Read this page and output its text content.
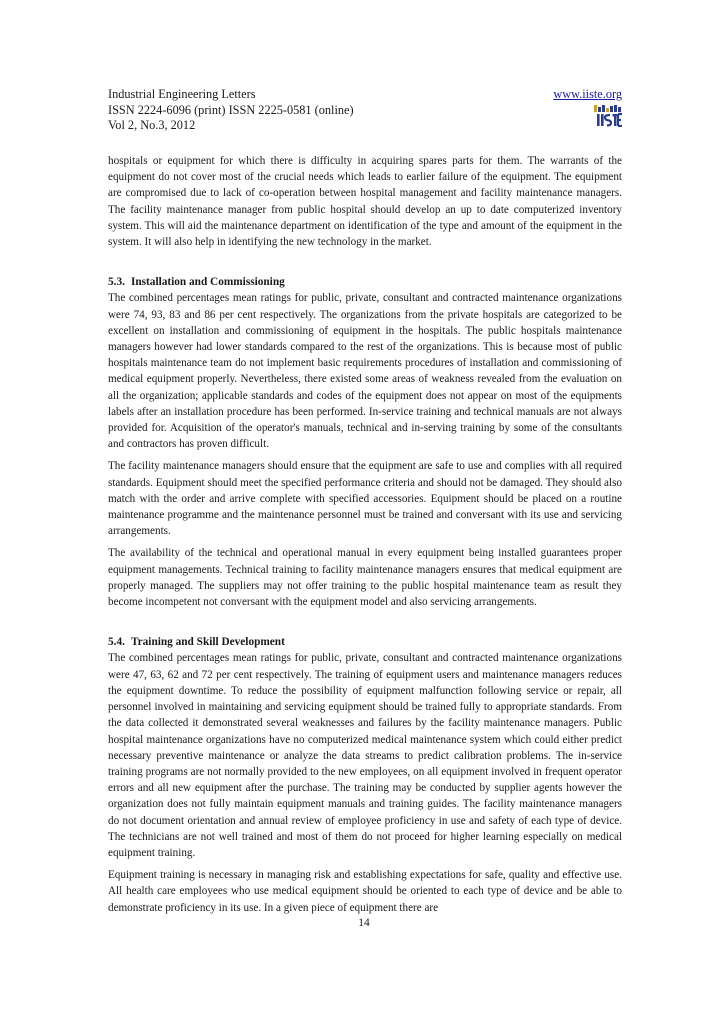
Industrial Engineering Letters
ISSN 2224-6096 (print) ISSN 2225-0581 (online)
Vol 2, No.3, 2012
www.iiste.org

hospitals or equipment for which there is difficulty in acquiring spares parts for them. The warrants of the equipment do not cover most of the crucial needs which leads to earlier failure of the equipment. The equipment are compromised due to lack of co-operation between hospital management and facility maintenance managers. The facility maintenance manager from public hospital should develop an up to date computerized inventory system. This will aid the maintenance department on identification of the type and amount of the equipment in the system. It will also help in identifying the new technology in the market.

5.3. Installation and Commissioning

The combined percentages mean ratings for public, private, consultant and contracted maintenance organizations were 74, 93, 83 and 86 per cent respectively. The organizations from the private hospitals are categorized to be excellent on installation and commissioning of equipment in the hospitals. The public hospitals maintenance managers however had lower standards compared to the rest of the organizations. This is because most of public hospitals maintenance team do not implement basic requirements procedures of installation and commissioning of medical equipment properly. Nevertheless, there existed some areas of weakness revealed from the evaluation on all the organization; applicable standards and codes of the equipment does not appear on most of the equipments labels after an installation procedure has been performed. In-service training and technical manuals are not always provided for. Acquisition of the operator's manuals, technical and in-serving training by some of the consultants and contractors has proven difficult.

The facility maintenance managers should ensure that the equipment are safe to use and complies with all required standards. Equipment should meet the specified performance criteria and should not be damaged. They should also match with the order and arrive complete with specified accessories. Equipment should be placed on a routine maintenance programme and the maintenance personnel must be trained and conversant with its use and servicing arrangements.

The availability of the technical and operational manual in every equipment being installed guarantees proper equipment managements. Technical training to facility maintenance managers ensures that medical equipment are properly managed. The suppliers may not offer training to the public hospital maintenance team as result they become incompetent not conversant with the equipment model and also servicing arrangements.

5.4. Training and Skill Development

The combined percentages mean ratings for public, private, consultant and contracted maintenance organizations were 47, 63, 62 and 72 per cent respectively. The training of equipment users and maintenance managers reduces the equipment downtime. To reduce the possibility of equipment malfunction following service or repair, all personnel involved in maintaining and servicing equipment should be trained fully to appropriate standards. From the data collected it demonstrated several weaknesses and failures by the facility maintenance managers. Public hospital maintenance organizations have no computerized medical maintenance system which could either predict necessary preventive maintenance or analyze the data streams to predict calibration problems. The in-service training programs are not normally provided to the new employees, on all equipment involved in frequent operator errors and all new equipment after the purchase. The training may be conducted by supplier agents however the organization does not fully maintain equipment manuals and training guides. The facility maintenance managers do not document orientation and annual review of employee proficiency in use and safety of each type of device. The technicians are not well trained and most of them do not proceed for higher learning especially on medical equipment training.

Equipment training is necessary in managing risk and establishing expectations for safe, quality and effective use. All health care employees who use medical equipment should be oriented to each type of device and be able to demonstrate proficiency in its use. In a given piece of equipment there are

14
